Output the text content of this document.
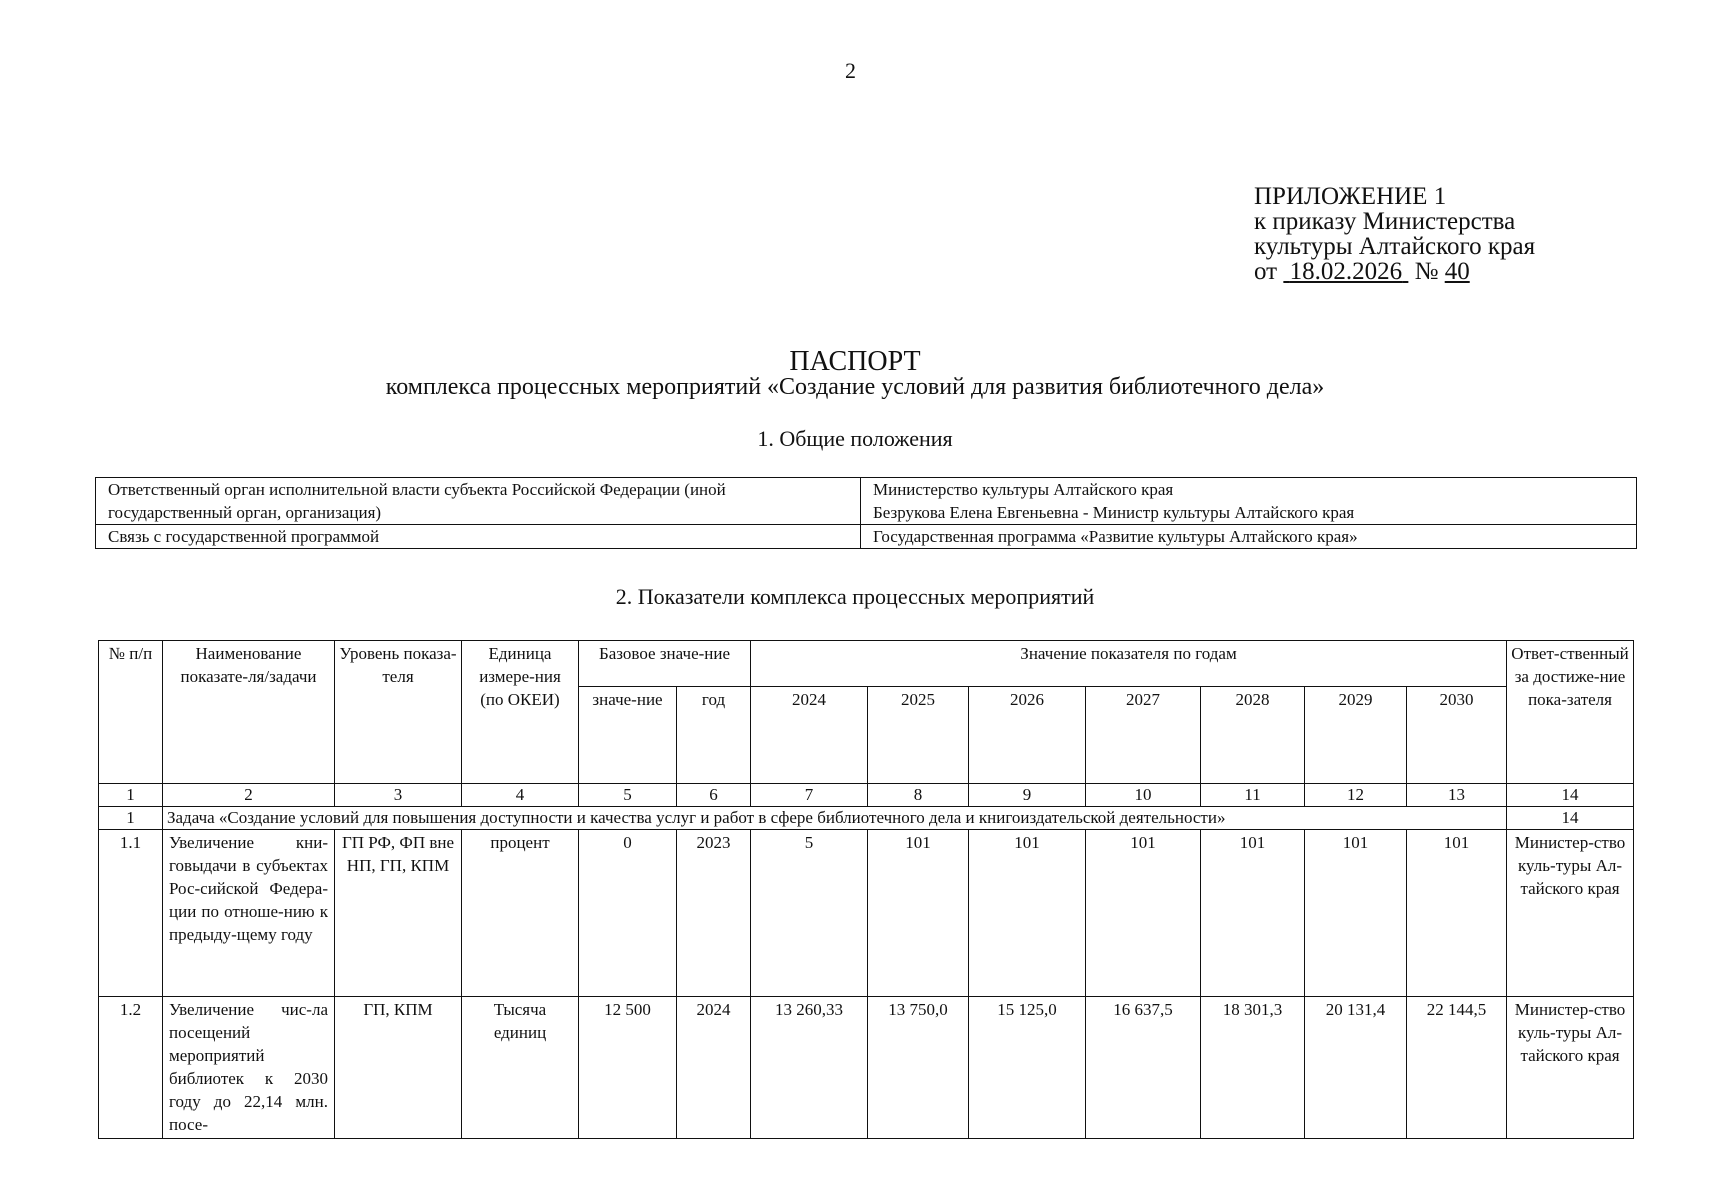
2
ПРИЛОЖЕНИЕ 1
к приказу Министерства
культуры Алтайского края
от 18.02.2026 № 40
ПАСПОРТ
комплекса процессных мероприятий «Создание условий для развития библиотечного дела»
1. Общие положения
Ответственный орган исполнительной власти субъекта Российской Федерации (иной государственный орган, организация)	Министерство культуры Алтайского края
Безрукова Елена Евгеньевна - Министр культуры Алтайского края

Связь с государственной программой	Государственная программа «Развитие культуры Алтайского края»
2. Показатели комплекса процессных мероприятий
№ п/п	Наименование показате-ля/задачи	Уровень показа-теля	Единица измере-ния (по ОКЕИ)	Базовое значе-ние		Значение показателя по годам							Ответ-ственный за достиже-ние пока-зателя
				значе-ние	год	2024	2025	2026	2027	2028	2029	2030	
1	2	3	4	5	6	7	8	9	10	11	12	13	14
1	Задача «Создание условий для повышения доступности и качества услуг и работ в сфере библиотечного дела и книгоиздательской деятельности»												14
1.1	Увеличение кни-говыдачи в субъектах Рос-сийской Федера-ции по отноше-нию к предыду-щему году	ГП РФ, ФП вне НП, ГП, КПМ	процент	0	2023	5	101	101	101	101	101	101	Министер-ство куль-туры Ал-тайского края
1.2	Увеличение чис-ла посещений мероприятий библиотек к 2030 году до 22,14 млн. посе-	ГП, КПМ	Тысяча единиц	12 500	2024	13 260,33	13 750,0	15 125,0	16 637,5	18 301,3	20 131,4	22 144,5	Министер-ство куль-туры Ал-тайского края
